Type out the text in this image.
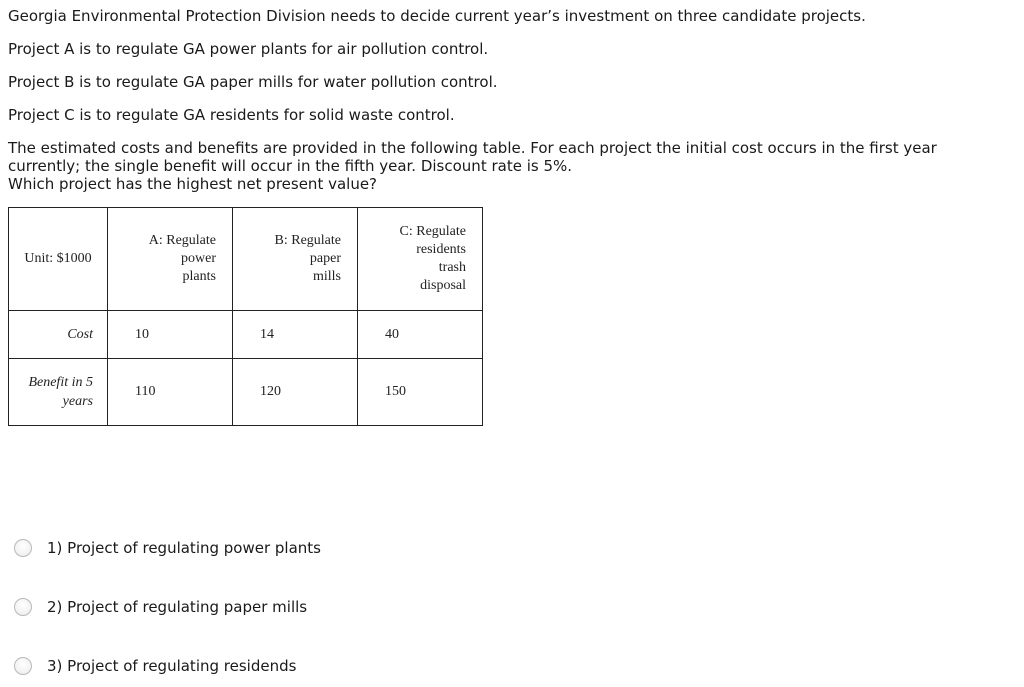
Georgia Environmental Protection Division needs to decide current year’s investment on three candidate projects.
Project A is to regulate GA power plants for air pollution control.
Project B is to regulate GA paper mills for water pollution control.
Project C is to regulate GA residents for solid waste control.
The estimated costs and benefits are provided in the following table. For each project the initial cost occurs in the first year
currently; the single benefit will occur in the fifth year. Discount rate is 5%.
Which project has the highest net present value?
Unit: $1000	A: Regulate
power
plants	B: Regulate
paper
mills	C: Regulate
residents
trash
disposal

Cost	10	14	40

Benefit in 5
years	110	120	150
1) Project of regulating power plants
2) Project of regulating paper mills
3) Project of regulating residends
